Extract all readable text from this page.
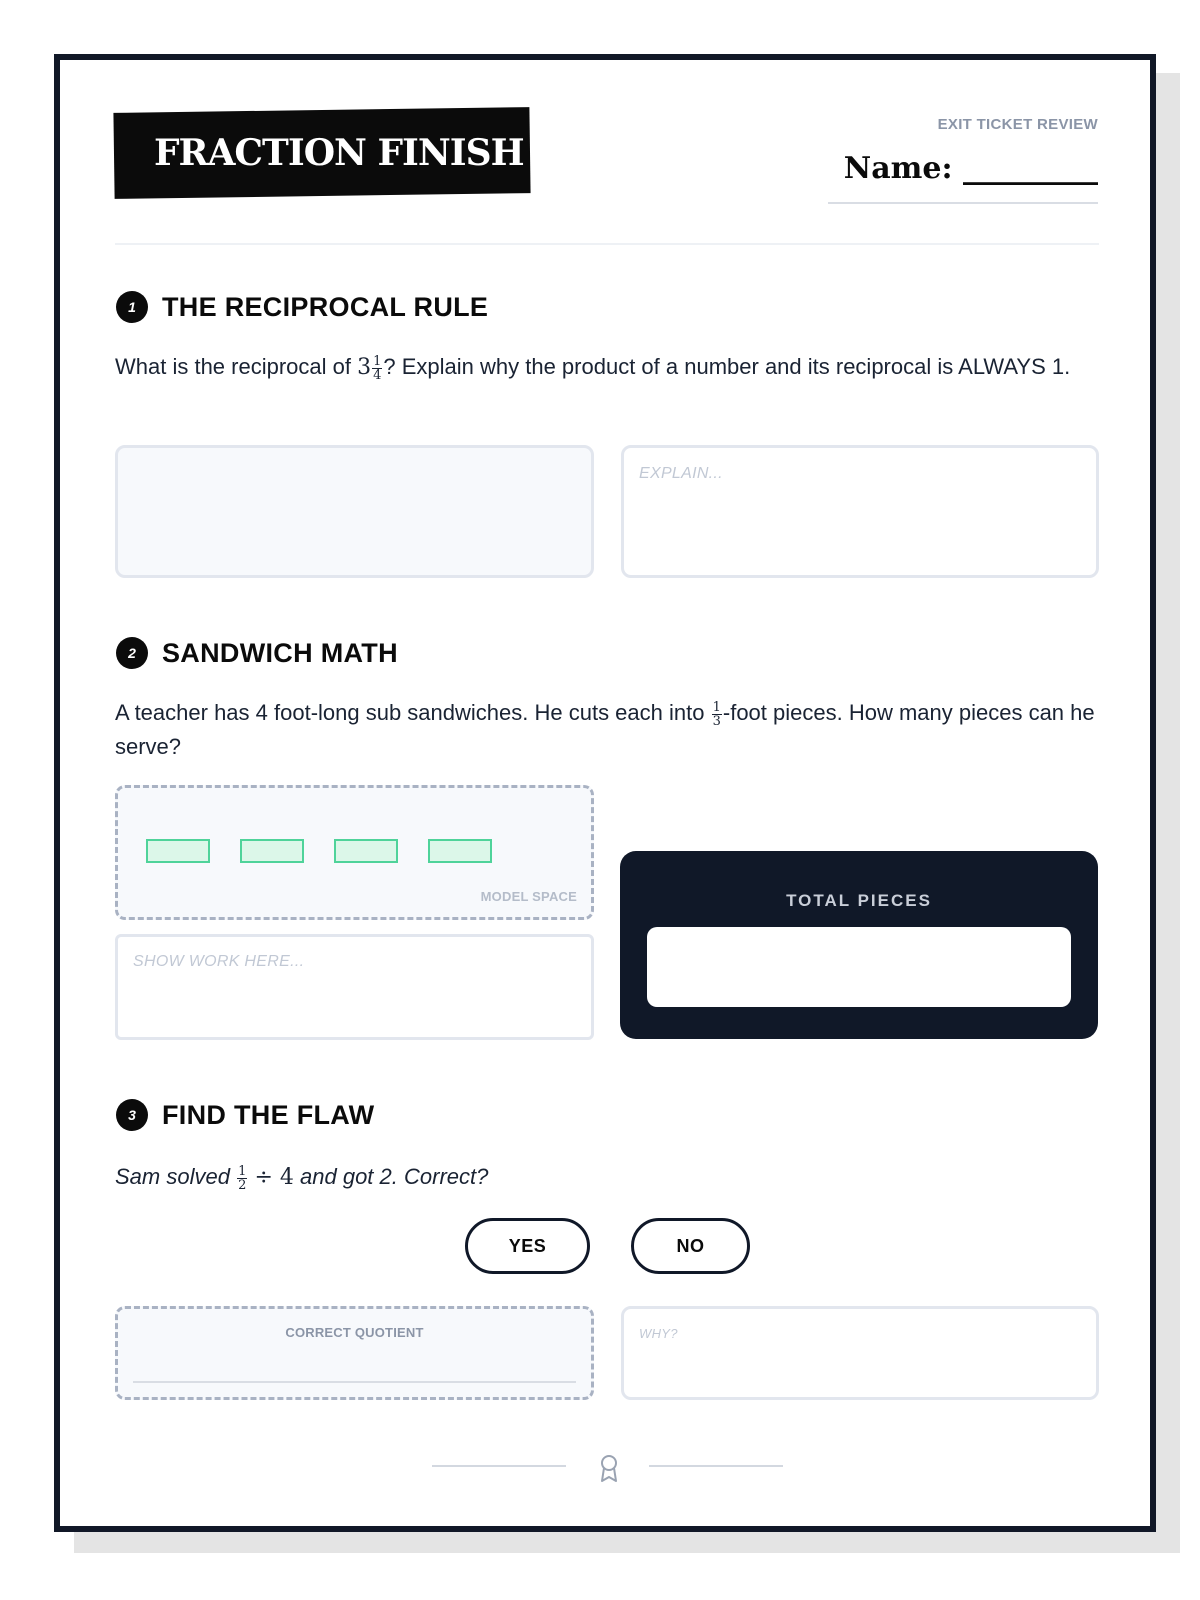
FRACTION FINISH
EXIT TICKET REVIEW
Name: _________
1 THE RECIPROCAL RULE
What is the reciprocal of $3 \frac{1}{4}$ ? Explain why the product of a number and its reciprocal is ALWAYS 1.
EXPLAIN...
2 SANDWICH MATH
A teacher has 4 foot-long sub sandwiches. He cuts each into $\frac{1}{3}$ -foot pieces. How many pieces can he serve?
MODEL SPACE
SHOW WORK HERE...
TOTAL PIECES
3 FIND THE FLAW
Sam solved $\frac{1}{2} \div 4$ and got 2. Correct?
YES	NO
CORRECT QUOTIENT	WHY?
